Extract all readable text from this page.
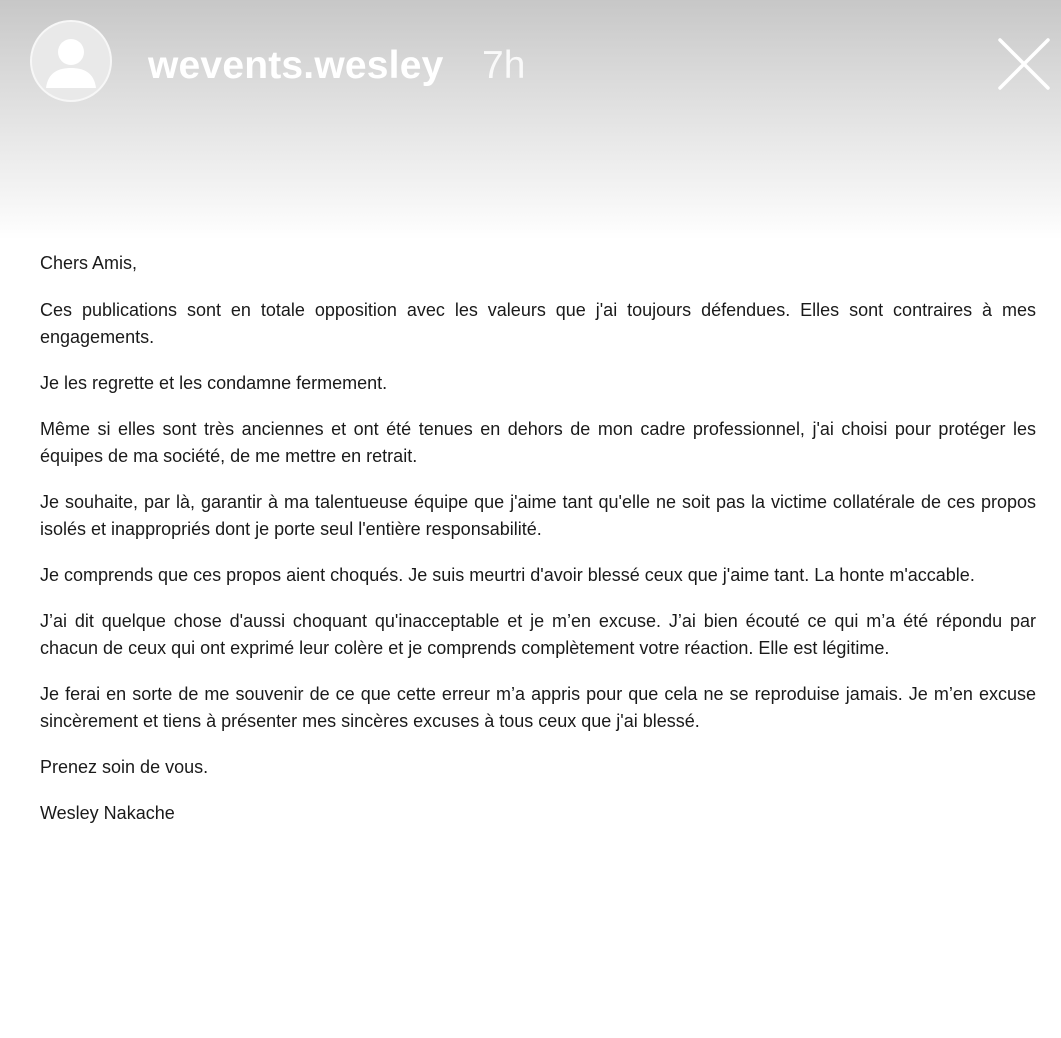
wevents.wesley 7h

Chers Amis,

Ces publications sont en totale opposition avec les valeurs que j'ai toujours défendues. Elles sont contraires à mes engagements.

Je les regrette et les condamne fermement.

Même si elles sont très anciennes et ont été tenues en dehors de mon cadre professionnel, j'ai choisi pour protéger les équipes de ma société, de me mettre en retrait.

Je souhaite, par là, garantir à ma talentueuse équipe que j'aime tant qu'elle ne soit pas la victime collatérale de ces propos isolés et inappropriés dont je porte seul l'entière responsabilité.

Je comprends que ces propos aient choqués. Je suis meurtri d'avoir blessé ceux que j'aime tant. La honte m'accable.

J’ai dit quelque chose d'aussi choquant qu'inacceptable et je m’en excuse. J’ai bien écouté ce qui m’a été répondu par chacun de ceux qui ont exprimé leur colère et je comprends complètement votre réaction. Elle est légitime.

Je ferai en sorte de me souvenir de ce que cette erreur m’a appris pour que cela ne se reproduise jamais. Je m’en excuse sincèrement et tiens à présenter mes sincères excuses à tous ceux que j'ai blessé.

Prenez soin de vous.

Wesley Nakache
